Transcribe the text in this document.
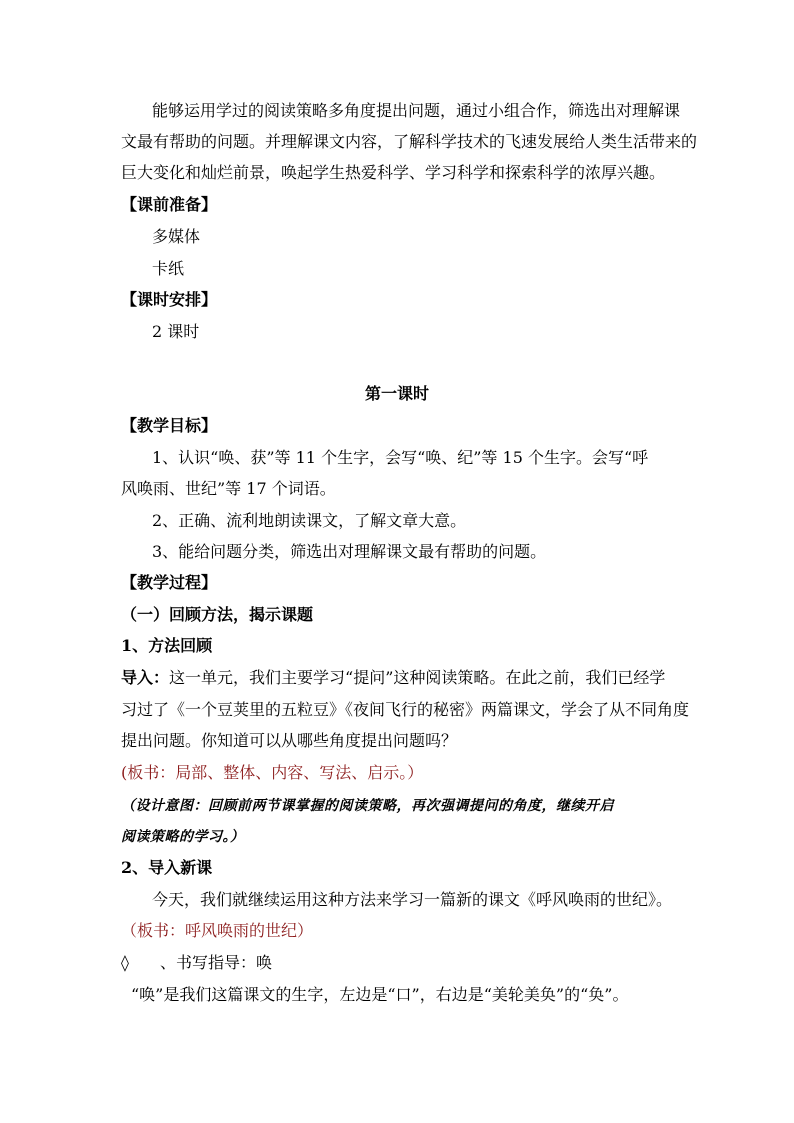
能够运用学过的阅读策略多角度提出问题，通过小组合作，筛选出对理解课
文最有帮助的问题。并理解课文内容，了解科学技术的飞速发展给人类生活带来的
巨大变化和灿烂前景，唤起学生热爱科学、学习科学和探索科学的浓厚兴趣。
【课前准备】
多媒体
卡纸
【课时安排】
2 课时
第一课时
【教学目标】
1、认识“唤、获”等 11 个生字，会写“唤、纪”等 15 个生字。会写“呼
风唤雨、世纪”等 17 个词语。
2、正确、流利地朗读课文，了解文章大意。
3、能给问题分类，筛选出对理解课文最有帮助的问题。
【教学过程】
（一）回顾方法，揭示课题
1、方法回顾
导入：这一单元，我们主要学习“提问”这种阅读策略。在此之前，我们已经学
习过了《一个豆荚里的五粒豆》《夜间飞行的秘密》两篇课文，学会了从不同角度
提出问题。你知道可以从哪些角度提出问题吗？
(板书：局部、整体、内容、写法、启示。）
（设计意图：回顾前两节课掌握的阅读策略，再次强调提问的角度，继续开启
阅读策略的学习。）
2、导入新课
今天，我们就继续运用这种方法来学习一篇新的课文《呼风唤雨的世纪》。
（板书：呼风唤雨的世纪）
◊ 、书写指导：唤
“唤”是我们这篇课文的生字，左边是“口”，右边是“美轮美奂”的“奂”。
